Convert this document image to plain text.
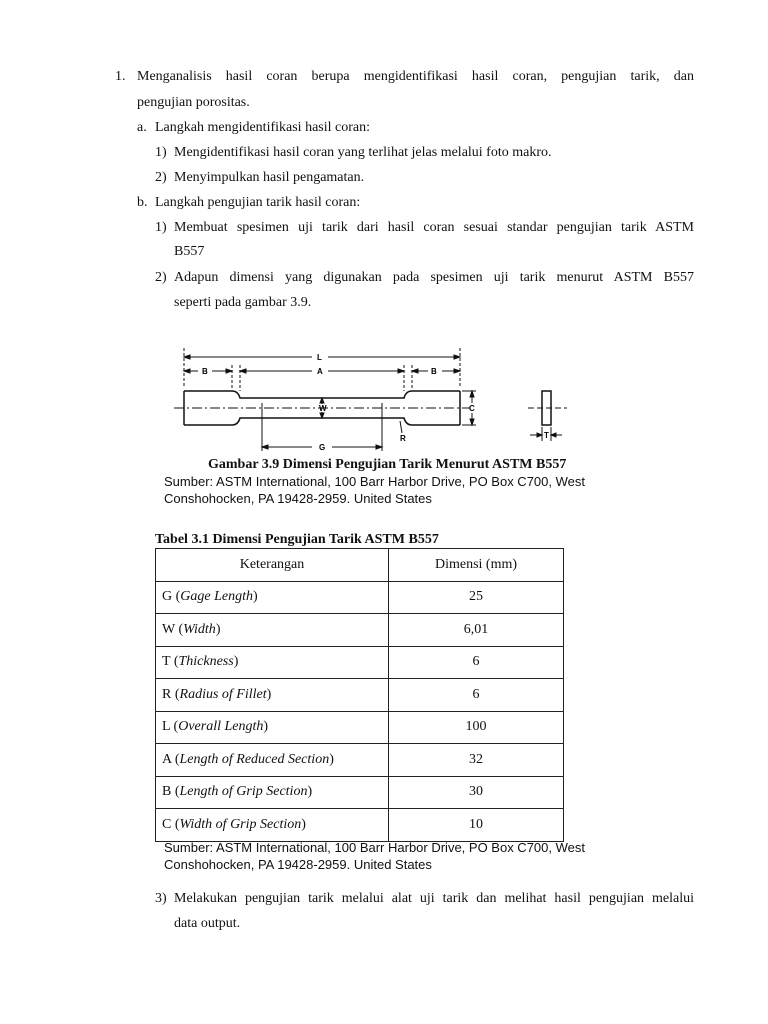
1. Menganalisis hasil coran berupa mengidentifikasi hasil coran, pengujian tarik, dan
pengujian porositas.
a. Langkah mengidentifikasi hasil coran:
1) Mengidentifikasi hasil coran yang terlihat jelas melalui foto makro.
2) Menyimpulkan hasil pengamatan.
b. Langkah pengujian tarik hasil coran:
1) Membuat spesimen uji tarik dari hasil coran sesuai standar pengujian tarik ASTM
B557
2) Adapun dimensi yang digunakan pada spesimen uji tarik menurut ASTM B557
seperti pada gambar 3.9.
L
B	A	B
W	C
G
R	T
Gambar 3.9 Dimensi Pengujian Tarik Menurut ASTM B557
Sumber: ASTM International, 100 Barr Harbor Drive, PO Box C700, West
Conshohocken, PA 19428-2959. United States
Tabel 3.1 Dimensi Pengujian Tarik ASTM B557
Keterangan	Dimensi (mm)
G (Gage Length)	25
W (Width)	6,01
T (Thickness)	6
R (Radius of Fillet)	6
L (Overall Length)	100
A (Length of Reduced Section)	32
B (Length of Grip Section)	30
C (Width of Grip Section)	10
Sumber: ASTM International, 100 Barr Harbor Drive, PO Box C700, West
Conshohocken, PA 19428-2959. United States
3) Melakukan pengujian tarik melalui alat uji tarik dan melihat hasil pengujian melalui
data output.
